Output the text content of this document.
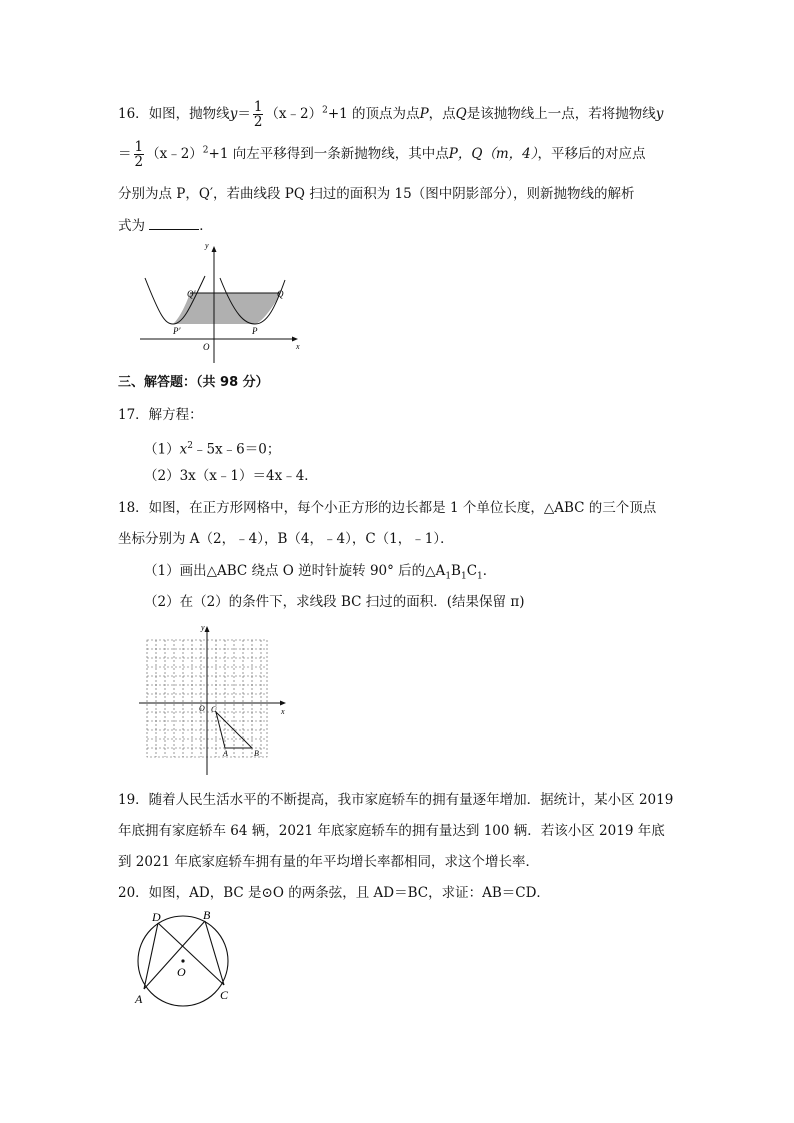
16．如图，抛物线$y= \frac{1}{2}$ （x﹣2）$^2$+1 的顶点为点P，点Q是该抛物线上一点，若将抛物线y
＝ $\frac{1}{2}$ （x﹣2）$^2$+1 向左平移得到一条新抛物线，其中点P，Q（m，4），平移后的对应点
分别为点 P，Q′，若曲线段 PQ 扫过的面积为 15（图中阴影部分），则新抛物线的解析
式为	．
y
x
O
Q′	Q
P′	P
三、解答题：（共 98 分）
17．解方程：
$(1)x^2﹣5x﹣6=0$；
（2）3x（x﹣1）＝4x﹣4．
18．如图，在正方形网格中，每个小正方形的边长都是 1 个单位长度，△ABC 的三个顶点
坐标分别为 A（2，﹣4），B（4，﹣4），C（1，﹣1）．
（1）画出△ABC 绕点 O 逆时针旋转 90° 后的$\triangle A_1B_1C_1$．
（2）在（2）的条件下，求线段 BC 扫过的面积．(结果保留 π)
y
x
O C
A	B
19．随着人民生活水平的不断提高，我市家庭轿车的拥有量逐年增加．据统计，某小区 2019
年底拥有家庭轿车 64 辆，2021 年底家庭轿车的拥有量达到 100 辆．若该小区 2019 年底
到 2021 年底家庭轿车拥有量的年平均增长率都相同，求这个增长率．
20．如图，AD，BC 是⊙O 的两条弦，且 AD＝BC，求证：AB＝CD．
D	B
O
A	C
